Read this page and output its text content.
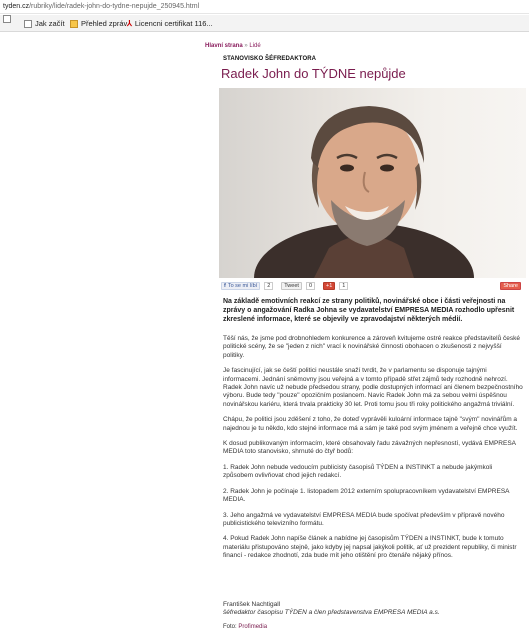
tyden.cz/rubriky/lide/radek-john-do-tydne-nepujde_250945.html
Jak začít Přehled zpráv ⅄ Licencni certifikat 116...
Hlavní strana » Lidé
STANOVISKO ŠÉFREDAKTORA
Radek John do TÝDNE nepůjde
f To se mi líbí	2	Tweet	0	+1	1	Share
Na základě emotivních reakcí ze strany politiků, novinářské obce i části veřejnosti na zprávy o angažování Radka Johna se vydavatelství EMPRESA MEDIA rozhodlo upřesnit zkreslené informace, které se objevily ve zpravodajství některých médií.

Těší nás, že jsme pod drobnohledem konkurence a zároveň kvitujeme ostré reakce představitelů české politické scény, že se "jeden z nich" vrací k novinářské činnosti obohacen o zkušenosti z nejvyšší politiky.

Je fascinující, jak se čeští politici neustále snaží tvrdit, že v parlamentu se disponuje tajnými informacemi. Jednání sněmovny jsou veřejná a v tomto případě střet zájmů tedy rozhodně nehrozí. Radek John navíc už nebude předsedou strany, podle dostupných informací ani členem bezpečnostního výboru. Bude tedy "pouze" opozičním poslancem. Navíc Radek John má za sebou velmi úspěšnou novinářskou kariéru, která trvala prakticky 30 let. Proti tomu jsou tři roky politického angažmá triviální.

Chápu, že politici jsou zděšení z toho, že doteď vyprávěli kuloární informace tajně "svým" novinářům a najednou je tu někdo, kdo stejné informace má a sám je také pod svým jménem a veřejně chce využít.

K dosud publikovaným informacím, které obsahovaly řadu závažných nepřesností, vydává EMPRESA MEDIA toto stanovisko, shrnuté do čtyř bodů:

1. Radek John nebude vedoucím publicisty časopisů TÝDEN a INSTINKT a nebude jakýmkoli způsobem ovlivňovat chod jejich redakcí.

2. Radek John je počínaje 1. listopadem 2012 externím spolupracovníkem vydavatelství EMPRESA MEDIA.

3. Jeho angažmá ve vydavatelství EMPRESA MEDIA bude spočívat především v přípravě nového publicistického televizního formátu.

4. Pokud Radek John napíše článek a nabídne jej časopisům TÝDEN a INSTINKT, bude k tomuto materiálu přistupováno stejně, jako kdyby jej napsal jakýkoli politik, ať už prezident republiky, či ministr financí - redakce zhodnotí, zda bude mít jeho otištění pro čtenáře nějaký přínos.

František Nachtigall
šéfredaktor časopisu TÝDEN a člen představenstva EMPRESA MEDIA a.s.
Foto: Profimedia
